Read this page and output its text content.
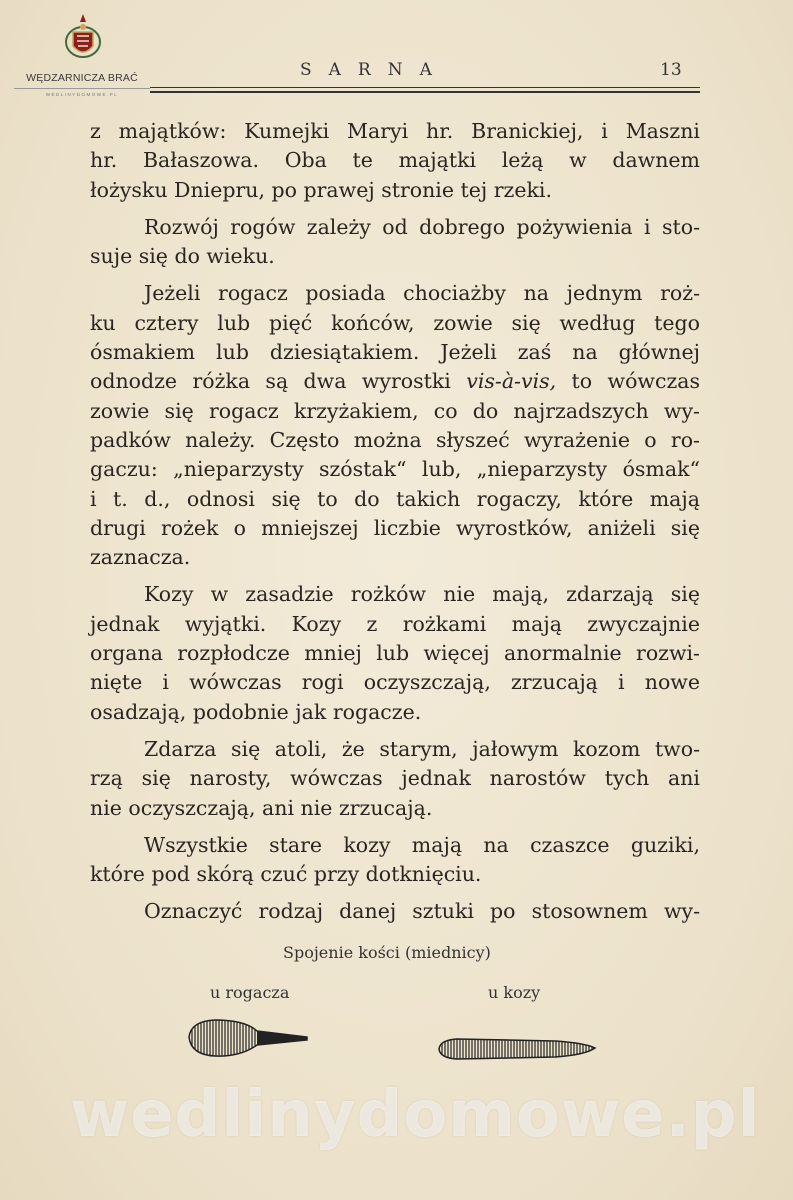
WĘDZARNICZA BRAĆ
WEDLINYDOMOWE.PL
SARNA	13
z majątków: Kumejki Maryi hr. Branickiej, i Maszni
hr. Bałaszowa. Oba te majątki leżą w dawnem
łożysku Dniepru, po prawej stronie tej rzeki.
Rozwój rogów zależy od dobrego pożywienia i sto-
suje się do wieku.
Jeżeli rogacz posiada chociażby na jednym roż-
ku cztery lub pięć końców, zowie się według tego
ósmakiem lub dziesiątakiem. Jeżeli zaś na głównej
odnodze różka są dwa wyrostki vis-à-vis, to wówczas
zowie się rogacz krzyżakiem, co do najrzadszych wy-
padków należy. Często można słyszeć wyrażenie o ro-
gaczu: „nieparzysty szóstak“ lub, „nieparzysty ósmak“
i t. d., odnosi się to do takich rogaczy, które mają
drugi rożek o mniejszej liczbie wyrostków, aniżeli się
zaznacza.
Kozy w zasadzie rożków nie mają, zdarzają się
jednak wyjątki. Kozy z rożkami mają zwyczajnie
organa rozpłodcze mniej lub więcej anormalnie rozwi-
nięte i wówczas rogi oczyszczają, zrzucają i nowe
osadzają, podobnie jak rogacze.
Zdarza się atoli, że starym, jałowym kozom two-
rzą się narosty, wówczas jednak narostów tych ani
nie oczyszczają, ani nie zrzucają.
Wszystkie stare kozy mają na czaszce guziki,
które pod skórą czuć przy dotknięciu.
Oznaczyć rodzaj danej sztuki po stosownem wy-
Spojenie kości (miednicy)
u rogacza	u kozy
wedlinydomowe.pl
